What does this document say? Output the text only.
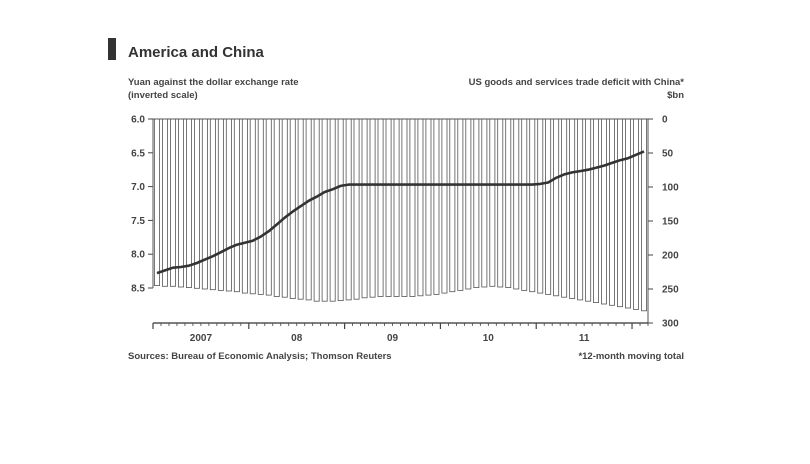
America and China
Yuan against the dollar exchange rate
(inverted scale)
US goods and services trade deficit with China*
$bn
6.0
6.5
7.0
7.5
8.0
8.5
0
50
100
150
200
250
300
2007	08	09	10	11
Sources: Bureau of Economic Analysis; Thomson Reuters	*12-month moving total
